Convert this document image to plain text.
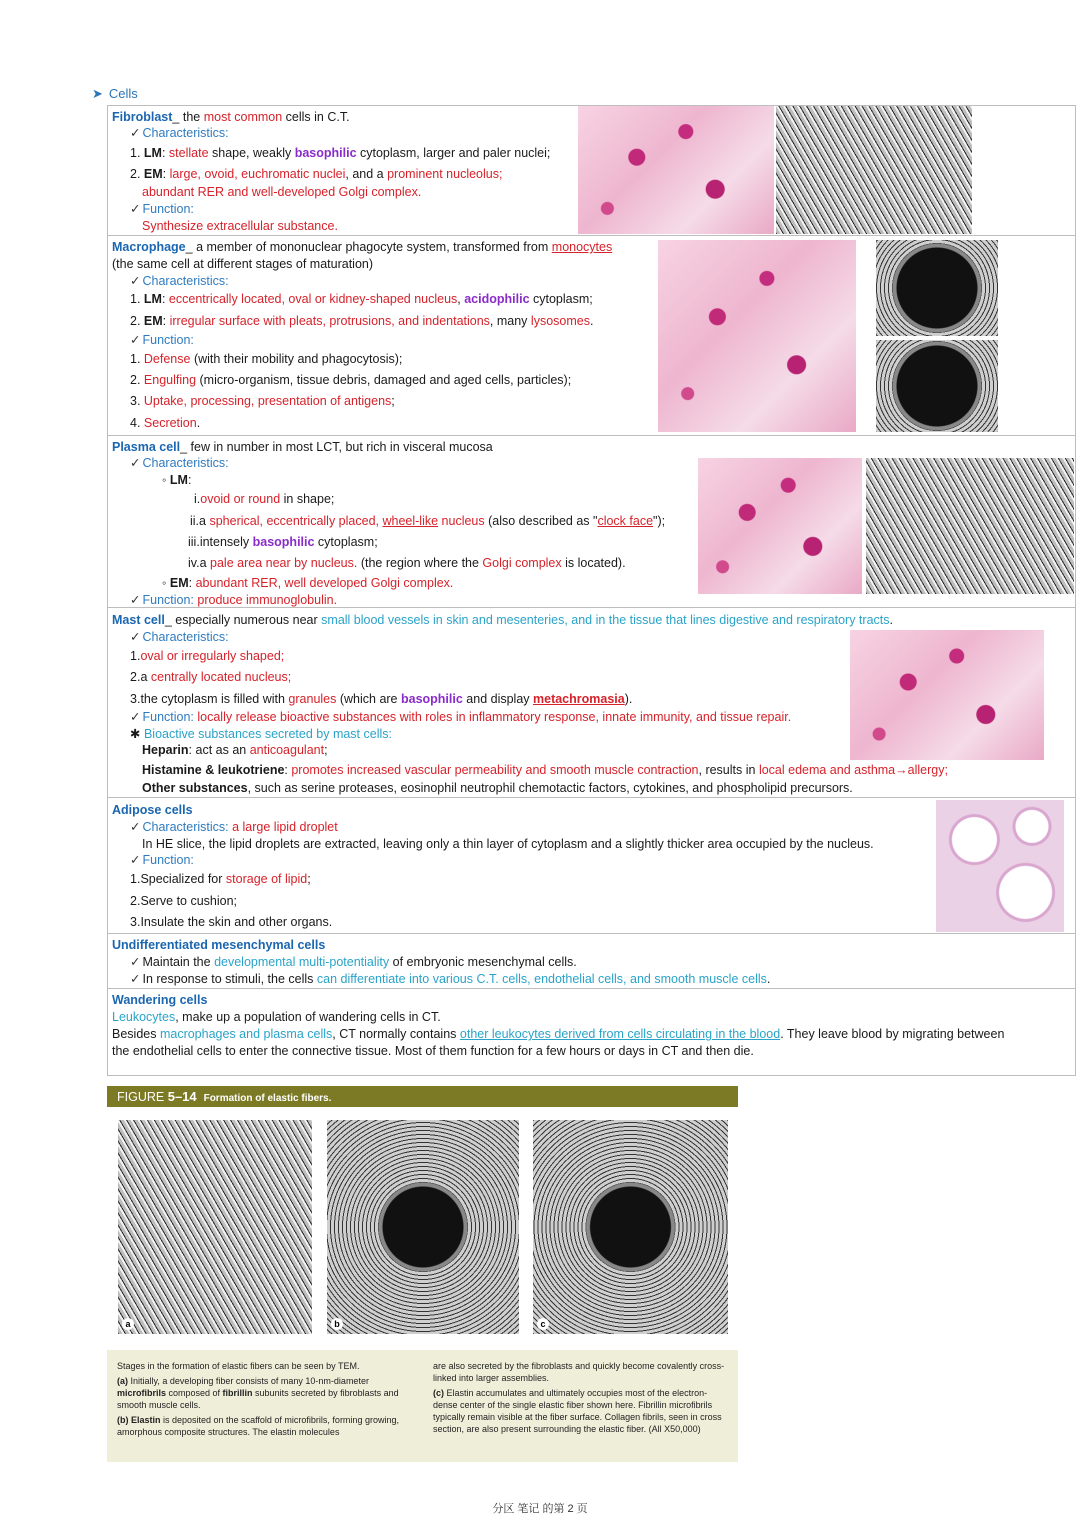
➤ Cells
Fibroblast_ the most common cells in C.T.
✓ Characteristics:
1. LM: stellate shape, weakly basophilic cytoplasm, larger and paler nuclei;
2. EM: large, ovoid, euchromatic nuclei, and a prominent nucleolus;
abundant RER and well-developed Golgi complex.
✓ Function:
Synthesize extracellular substance.
Macrophage_ a member of mononuclear phagocyte system, transformed from monocytes
(the same cell at different stages of maturation)
✓ Characteristics:
1. LM: eccentrically located, oval or kidney-shaped nucleus, acidophilic cytoplasm;
2. EM: irregular surface with pleats, protrusions, and indentations, many lysosomes.
✓ Function:
1. Defense (with their mobility and phagocytosis);
2. Engulfing (micro-organism, tissue debris, damaged and aged cells, particles);
3. Uptake, processing, presentation of antigens;
4. Secretion.
Plasma cell_ few in number in most LCT, but rich in visceral mucosa
✓ Characteristics:
◦ LM:
i.ovoid or round in shape;
ii.a spherical, eccentrically placed, wheel-like nucleus (also described as "clock face");
iii.intensely basophilic cytoplasm;
iv.a pale area near by nucleus. (the region where the Golgi complex is located).
◦ EM: abundant RER, well developed Golgi complex.
✓ Function: produce immunoglobulin.
Mast cell_ especially numerous near small blood vessels in skin and mesenteries, and in the tissue that lines digestive and respiratory tracts.
✓ Characteristics:
1.oval or irregularly shaped;
2.a centrally located nucleus;
3.the cytoplasm is filled with granules (which are basophilic and display metachromasia).
✓ Function: locally release bioactive substances with roles in inflammatory response, innate immunity, and tissue repair.
✱ Bioactive substances secreted by mast cells:
Heparin: act as an anticoagulant;
Histamine & leukotriene: promotes increased vascular permeability and smooth muscle contraction, results in local edema and asthma→allergy;
Other substances, such as serine proteases, eosinophil neutrophil chemotactic factors, cytokines, and phospholipid precursors.
Adipose cells
✓ Characteristics: a large lipid droplet
In HE slice, the lipid droplets are extracted, leaving only a thin layer of cytoplasm and a slightly thicker area occupied by the nucleus.
✓ Function:
1.Specialized for storage of lipid;
2.Serve to cushion;
3.Insulate the skin and other organs.
Undifferentiated mesenchymal cells
✓ Maintain the developmental multi-potentiality of embryonic mesenchymal cells.
✓ In response to stimuli, the cells can differentiate into various C.T. cells, endothelial cells, and smooth muscle cells.
Wandering cells
Leukocytes, make up a population of wandering cells in CT.
Besides macrophages and plasma cells, CT normally contains other leukocytes derived from cells circulating in the blood. They leave blood by migrating between
the endothelial cells to enter the connective tissue. Most of them function for a few hours or days in CT and then die.
FIGURE 5–14 Formation of elastic fibers.
a	b	c

Stages in the formation of elastic fibers can be seen by TEM.

(a) Initially, a developing fiber consists of many 10-nm-diameter microfibrils composed of fibrillin subunits secreted by fibroblasts and smooth muscle cells.

(b) Elastin is deposited on the scaffold of microfibrils, forming growing, amorphous composite structures. The elastin molecules

are also secreted by the fibroblasts and quickly become covalently cross-linked into larger assemblies.

(c) Elastin accumulates and ultimately occupies most of the electron-dense center of the single elastic fiber shown here. Fibrillin microfibrils typically remain visible at the fiber surface. Collagen fibrils, seen in cross section, are also present surrounding the elastic fiber. (All X50,000)

分区 笔记 的第 2 页
